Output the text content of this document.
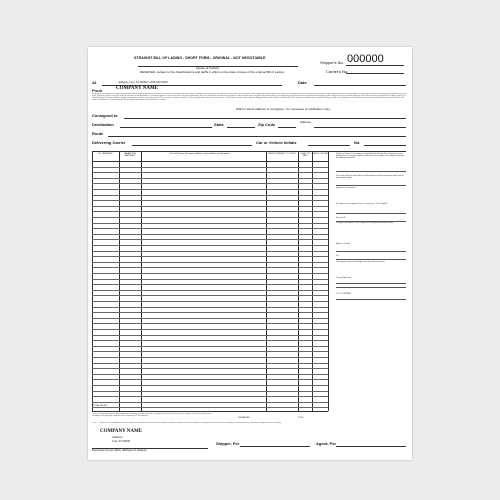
STRAIGHT BILL OF LADING - SHORT FORM - ORIGINAL - NOT NEGOTIABLE
Shipper's No. 000000
Carrier's No.
(Name of Carrier)
RECEIVED, subject to the classifications and tariffs in effect on the date of issue of this original Bill of Lading.
At	Address, City, ST 00000 1-000-000-0000	Date
From	COMPANY NAME
the property described below, in apparent good order, except as noted (contents and condition of contents of packages unknown), marked, consigned, and destined as indicated below, which said carrier (the word carrier being understood throughout this contract as meaning any person or corporation in possession of the property under the contract) agrees to carry to its usual place of delivery at said destination, if on its route, otherwise to deliver to another carrier on the route to said destination. It is mutually agreed, as to each carrier of all or any of said property over all or any portion of said route to destination, and as to each party at any time interested in all or any of said property, that every service to be performed hereunder shall be subject to all the terms and conditions of the Uniform Domestic Straight Bill of Lading set forth (1) in Official, Southern, Western and Illinois Freight Classifications in effect on the date hereof, if this is a rail or a rail-water shipment, or (2) in the applicable motor carrier classification or tariff if this is a motor carrier shipment. Shipper hereby certifies that he is familiar with all the terms and conditions of the said bill of lading, set forth in the classification or tariff which governs the transportation of this shipment, and the said terms and conditions are hereby agreed to by the shipper and accepted for himself and his assigns.
(Mail or street address of consignee - For purposes of notification only.)
Consigned to
Destination	State	Zip Code	Address
Route
Delivering Carrier	Car or Vehicle Initials	No.
NO. PACKAGES	HAZARDOUS MATERIALS
Kind of Package, Description of Articles, Special Marks, and Exceptions	WEIGHT (SUBJECT TO CORR.)	CLASS OR RATE
CHECK COLUMN
TOTAL PIECES
This is to certify that the above named materials are properly classified, described, packaged, marked and labeled, and are in proper condition for transportation according to the applicable regulations of the Department of Transportation.
SIGNATURE	TITLE
NOTE — Where the rate is dependent on value, shippers are required to state specifically in writing the agreed or declared value of the property. The agreed or declared value of the property is hereby specifically stated by the shipper to be not exceeding
Subject to Section 7 of conditions of applicable bill of lading, if this shipment is to be delivered to the consignee without recourse on the consignor, the consignor shall sign the following statement:
The carrier shall not make delivery of this shipment without payment of freight and all other lawful charges.
(Signature of Consignor)
If charges are to be prepaid, write or stamp here, "To be Prepaid."
Received $
to apply in prepayment of the charges on the property described hereon.
(Agent or Cashier)
Per
(The signature here acknowledges only the amount prepaid.)
Charges Advanced:
C.O.D. SHIPMENT
COMPANY NAME
Address,
City, ST 00000	Shipper, Per	Agent, Per
Permanent post office address of shipper
